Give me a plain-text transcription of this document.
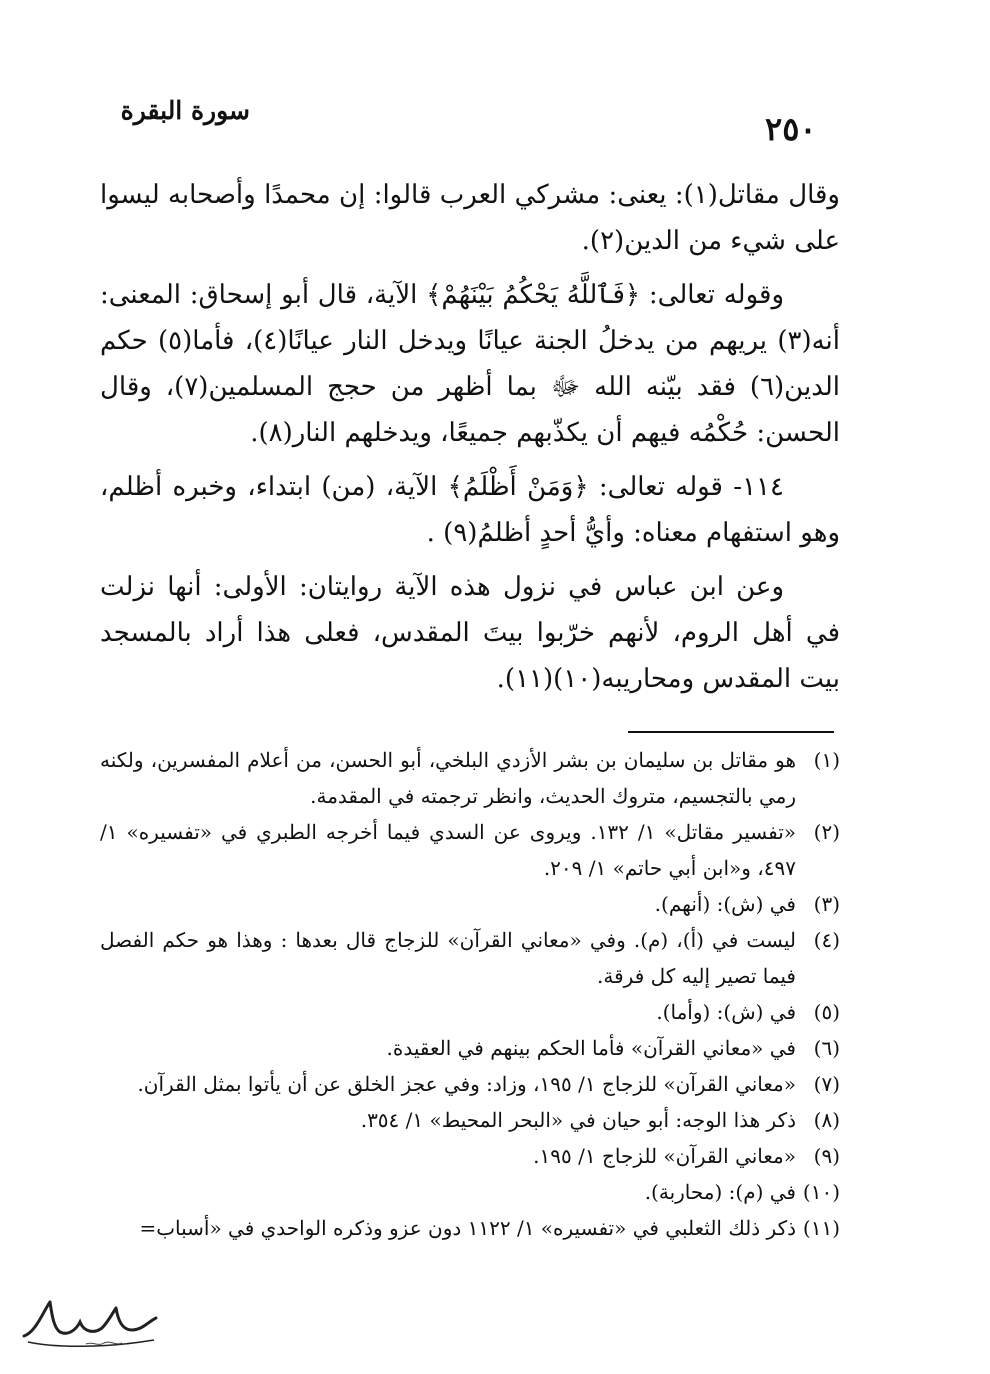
سورة البقرة	٢٥٠

وقال مقاتل(١): يعنى: مشركي العرب قالوا: إن محمدًا وأصحابه ليسوا على شيء من الدين(٢).

وقوله تعالى: ﴿فَٱللَّهُ يَحْكُمُ بَيْنَهُمْ﴾ الآية، قال أبو إسحاق: المعنى: أنه(٣) يريهم من يدخلُ الجنة عيانًا ويدخل النار عيانًا(٤)، فأما(٥) حكم الدين(٦) فقد بيّنه الله ﷻ بما أظهر من حجج المسلمين(٧)، وقال الحسن: حُكْمُه فيهم أن يكذّبهم جميعًا، ويدخلهم النار(٨).

١١٤- قوله تعالى: ﴿وَمَنْ أَظْلَمُ﴾ الآية، (من) ابتداء، وخبره أظلم، وهو استفهام معناه: وأيُّ أحدٍ أظلمُ(٩) .

وعن ابن عباس في نزول هذه الآية روايتان: الأولى: أنها نزلت في أهل الروم، لأنهم خرّبوا بيتَ المقدس، فعلى هذا أراد بالمسجد بيت المقدس ومحاريبه(١٠)(١١).

(١)
هو مقاتل بن سليمان بن بشر الأزدي البلخي، أبو الحسن، من أعلام المفسرين، ولكنه رمي بالتجسيم، متروك الحديث، وانظر ترجمته في المقدمة.
(٢)
«تفسير مقاتل» ١/ ١٣٢. ويروى عن السدي فيما أخرجه الطبري في «تفسيره» ١/ ٤٩٧، و«ابن أبي حاتم» ١/ ٢٠٩.
(٣)
في (ش): (أنهم).
(٤)
ليست في (أ)، (م). وفي «معاني القرآن» للزجاج قال بعدها : وهذا هو حكم الفصل فيما تصير إليه كل فرقة.
(٥)
في (ش): (وأما).
(٦)
في «معاني القرآن» فأما الحكم بينهم في العقيدة.
(٧)
«معاني القرآن» للزجاج ١/ ١٩٥، وزاد: وفي عجز الخلق عن أن يأتوا بمثل القرآن.
(٨)
ذكر هذا الوجه: أبو حيان في «البحر المحيط» ١/ ٣٥٤.
(٩)
«معاني القرآن» للزجاج ١/ ١٩٥.
(١٠)
في (م): (محاربة).
(١١)
ذكر ذلك الثعلبي في «تفسيره» ١/ ١١٢٢ دون عزو وذكره الواحدي في «أسباب=
